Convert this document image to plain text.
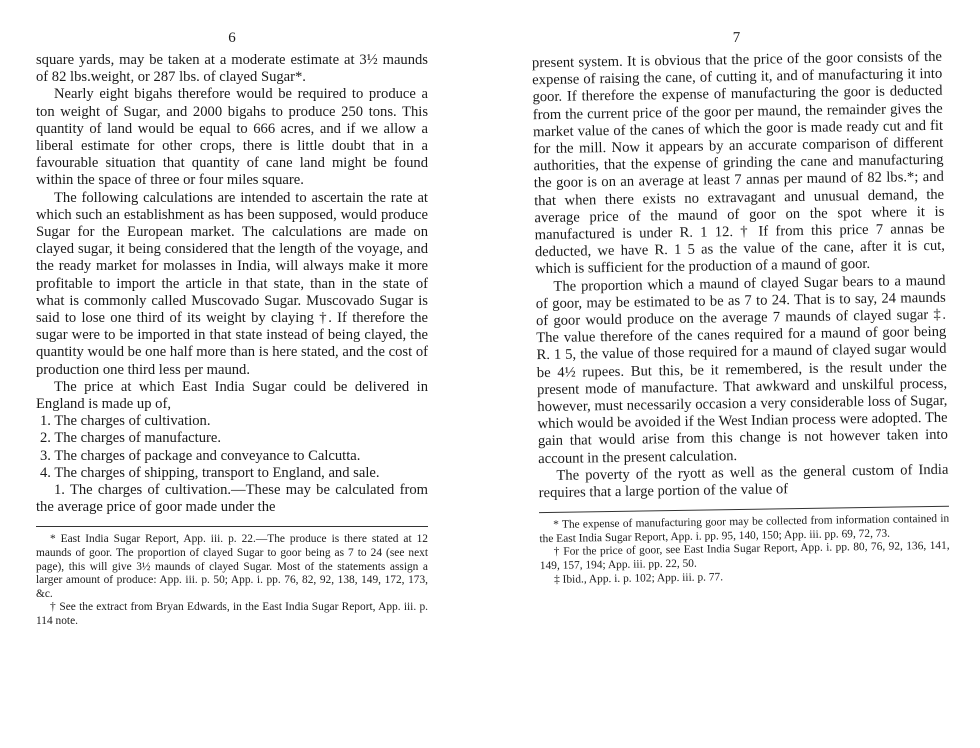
6

square yards, may be taken at a moderate estimate at 3½ maunds of 82 lbs.weight, or 287 lbs. of clayed Sugar*.

Nearly eight bigahs therefore would be required to produce a ton weight of Sugar, and 2000 bigahs to produce 250 tons. This quantity of land would be equal to 666 acres, and if we allow a liberal estimate for other crops, there is little doubt that in a favourable situation that quantity of cane land might be found within the space of three or four miles square.

The following calculations are intended to ascertain the rate at which such an establishment as has been supposed, would produce Sugar for the European market. The calculations are made on clayed sugar, it being considered that the length of the voyage, and the ready market for molasses in India, will always make it more profitable to import the article in that state, than in the state of what is commonly called Muscovado Sugar. Muscovado Sugar is said to lose one third of its weight by claying †. If therefore the sugar were to be imported in that state instead of being clayed, the quantity would be one half more than is here stated, and the cost of production one third less per maund.

The price at which East India Sugar could be delivered in England is made up of,

1. The charges of cultivation.

2. The charges of manufacture.

3. The charges of package and conveyance to Calcutta.

4. The charges of shipping, transport to England, and sale.

1. The charges of cultivation.—These may be calculated from the average price of goor made under the

* East India Sugar Report, App. iii. p. 22.—The produce is there stated at 12 maunds of goor. The proportion of clayed Sugar to goor being as 7 to 24 (see next page), this will give 3½ maunds of clayed Sugar. Most of the statements assign a larger amount of produce: App. iii. p. 50; App. i. pp. 76, 82, 92, 138, 149, 172, 173, &c.

† See the extract from Bryan Edwards, in the East India Sugar Report, App. iii. p. 114 note.

7

present system. It is obvious that the price of the goor consists of the expense of raising the cane, of cutting it, and of manufacturing it into goor. If therefore the expense of manufacturing the goor is deducted from the current price of the goor per maund, the remainder gives the market value of the canes of which the goor is made ready cut and fit for the mill. Now it appears by an accurate comparison of different authorities, that the expense of grinding the cane and manufacturing the goor is on an average at least 7 annas per maund of 82 lbs.*; and that when there exists no extravagant and unusual demand, the average price of the maund of goor on the spot where it is manufactured is under R. 1 12. † If from this price 7 annas be deducted, we have R. 1 5 as the value of the cane, after it is cut, which is sufficient for the production of a maund of goor.

The proportion which a maund of clayed Sugar bears to a maund of goor, may be estimated to be as 7 to 24. That is to say, 24 maunds of goor would produce on the average 7 maunds of clayed sugar ‡. The value therefore of the canes required for a maund of goor being R. 1 5, the value of those required for a maund of clayed sugar would be 4½ rupees. But this, be it remembered, is the result under the present mode of manufacture. That awkward and unskilful process, however, must necessarily occasion a very considerable loss of Sugar, which would be avoided if the West Indian process were adopted. The gain that would arise from this change is not however taken into account in the present calculation.

The poverty of the ryott as well as the general custom of India requires that a large portion of the value of

* The expense of manufacturing goor may be collected from information contained in the East India Sugar Report, App. i. pp. 95, 140, 150; App. iii. pp. 69, 72, 73.

† For the price of goor, see East India Sugar Report, App. i. pp. 80, 76, 92, 136, 141, 149, 157, 194; App. iii. pp. 22, 50.

‡ Ibid., App. i. p. 102; App. iii. p. 77.
